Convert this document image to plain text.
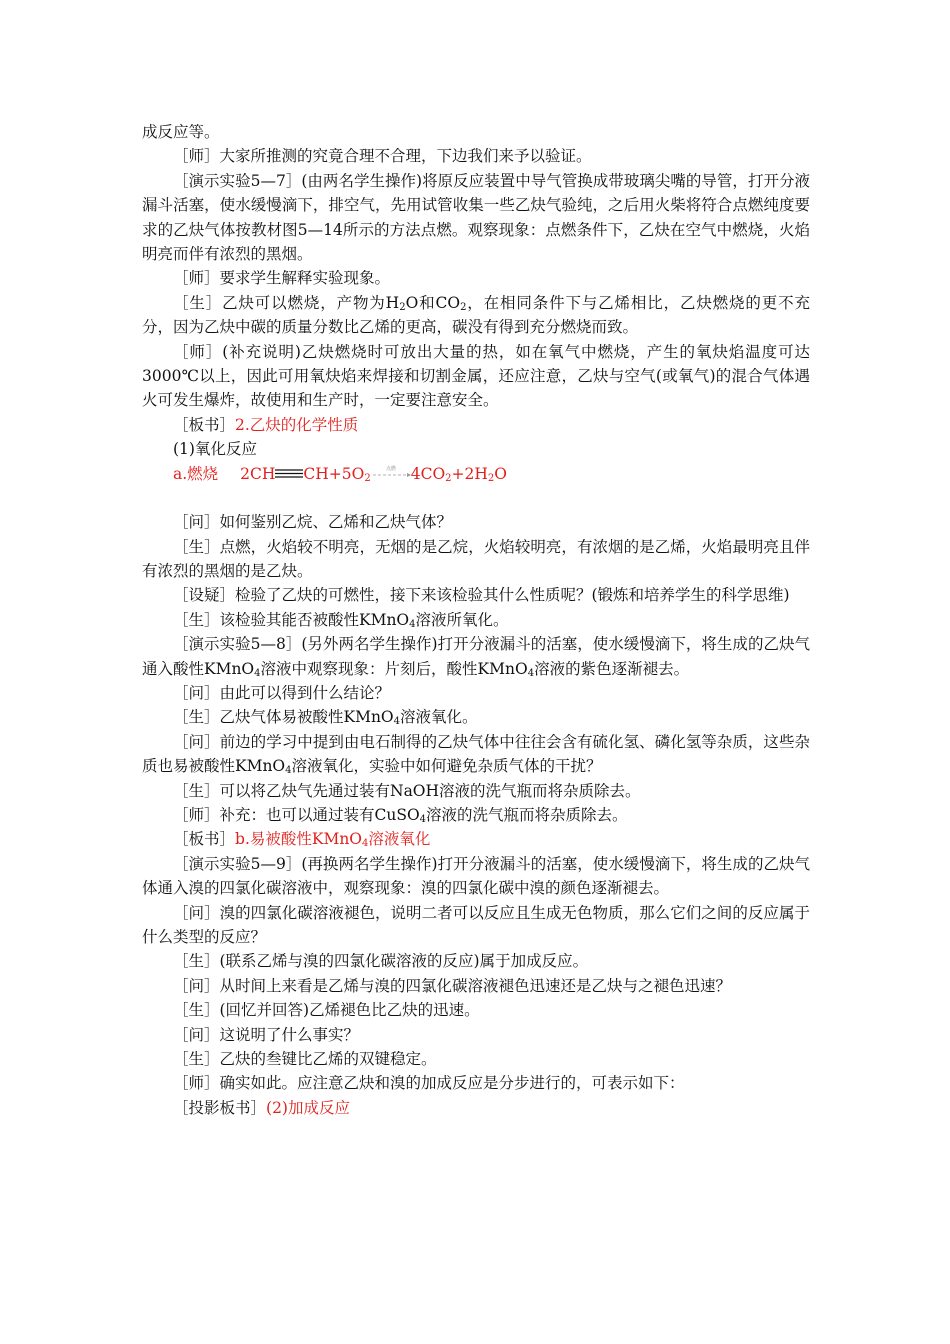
成反应等。

［师］大家所推测的究竟合理不合理，下边我们来予以验证。

［演示实验5—7］(由两名学生操作)将原反应装置中导气管换成带玻璃尖嘴的导管，打开分液漏斗活塞，使水缓慢滴下，排空气，先用试管收集一些乙炔气验纯，之后用火柴将符合点燃纯度要求的乙炔气体按教材图5—14所示的方法点燃。观察现象：点燃条件下，乙炔在空气中燃烧，火焰明亮而伴有浓烈的黑烟。

［师］要求学生解释实验现象。

［生］乙炔可以燃烧，产物为$H_2O$和$CO_2$，在相同条件下与乙烯相比，乙炔燃烧的更不充分，因为乙炔中碳的质量分数比乙烯的更高，碳没有得到充分燃烧而致。

［师］(补充说明)乙炔燃烧时可放出大量的热，如在氧气中燃烧，产生的氧炔焰温度可达3000℃以上，因此可用氧炔焰来焊接和切割金属，还应注意，乙炔与空气(或氧气)的混合气体遇火可发生爆炸，故使用和生产时，一定要注意安全。

［板书］2.乙炔的化学性质

(1)氧化反应

a.燃烧 2CH $CH+5O_2$
点燃 $4CO_2+2H_2O$

［问］如何鉴别乙烷、乙烯和乙炔气体？

［生］点燃，火焰较不明亮，无烟的是乙烷，火焰较明亮，有浓烟的是乙烯，火焰最明亮且伴有浓烈的黑烟的是乙炔。

［设疑］检验了乙炔的可燃性，接下来该检验其什么性质呢？(锻炼和培养学生的科学思维)

［生］该检验其能否被酸性KMnO$_4$溶液所氧化。

［演示实验5—8］(另外两名学生操作)打开分液漏斗的活塞，使水缓慢滴下，将生成的乙炔气通入酸性KMnO$_4$溶液中观察现象：片刻后，酸性KMnO$_4$溶液的紫色逐渐褪去。

［问］由此可以得到什么结论？

［生］乙炔气体易被酸性KMnO$_4$溶液氧化。

［问］前边的学习中提到由电石制得的乙炔气体中往往会含有硫化氢、磷化氢等杂质，这些杂质也易被酸性KMnO$_4$溶液氧化，实验中如何避免杂质气体的干扰？

［生］可以将乙炔气先通过装有NaOH溶液的洗气瓶而将杂质除去。

［师］补充：也可以通过装有CuSO$_4$溶液的洗气瓶而将杂质除去。

［板书］b.易被酸性KMnO$_4$溶液氧化

［演示实验5—9］(再换两名学生操作)打开分液漏斗的活塞，使水缓慢滴下，将生成的乙炔气体通入溴的四氯化碳溶液中，观察现象：溴的四氯化碳中溴的颜色逐渐褪去。

［问］溴的四氯化碳溶液褪色，说明二者可以反应且生成无色物质，那么它们之间的反应属于什么类型的反应？

［生］(联系乙烯与溴的四氯化碳溶液的反应)属于加成反应。

［问］从时间上来看是乙烯与溴的四氯化碳溶液褪色迅速还是乙炔与之褪色迅速？

［生］(回忆并回答)乙烯褪色比乙炔的迅速。

［问］这说明了什么事实？

［生］乙炔的叁键比乙烯的双键稳定。

［师］确实如此。应注意乙炔和溴的加成反应是分步进行的，可表示如下：

［投影板书］(2)加成反应
